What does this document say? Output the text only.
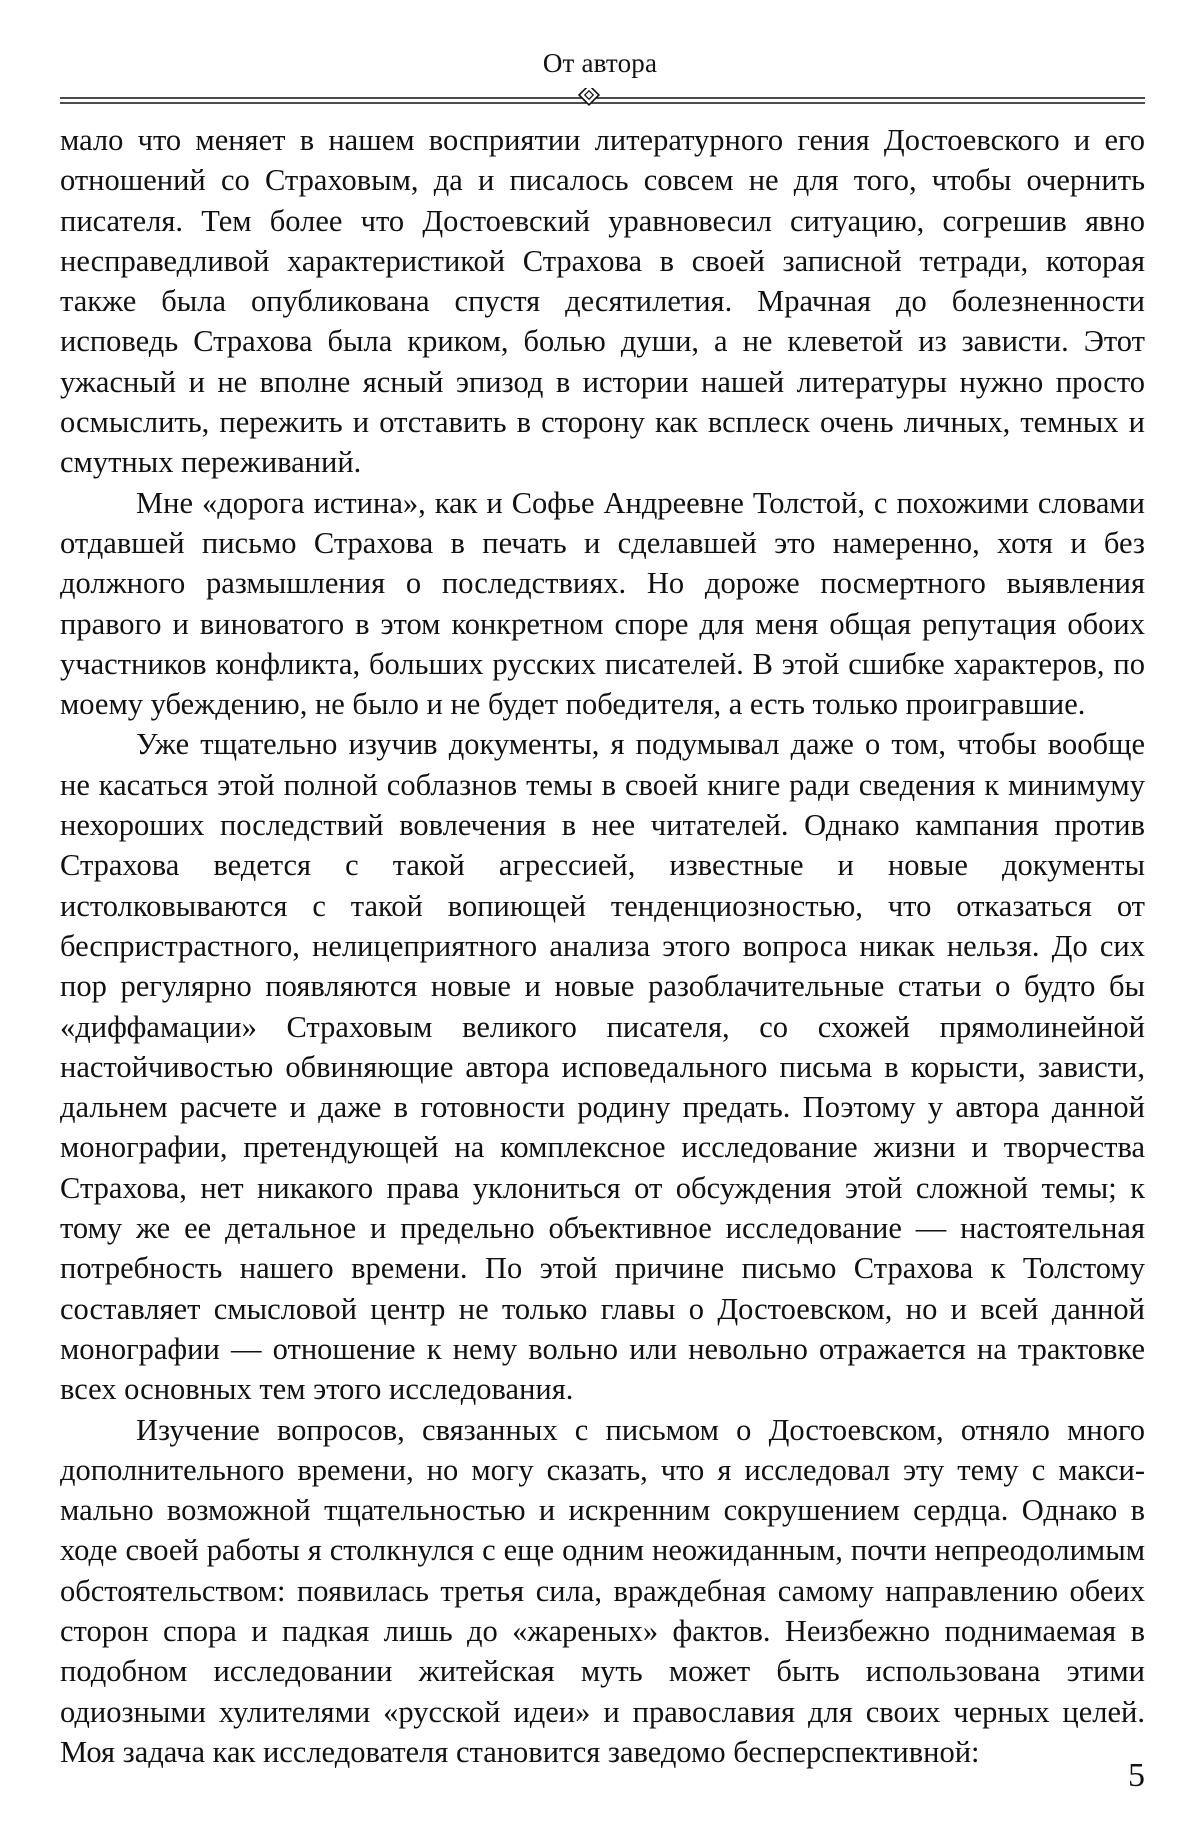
От автора

мало что меняет в нашем восприятии литературного гения Достоевского и его отношений со Страховым, да и писалось совсем не для того, чтобы очернить писателя. Тем более что Достоевский уравновесил ситуацию, согрешив явно несправедливой характеристикой Страхова в своей записной тетради, которая также была опубликована спустя десятилетия. Мрачная до болезненности исповедь Страхова была криком, болью души, а не клеветой из зависти. Этот ужасный и не вполне ясный эпизод в истории нашей литературы нужно просто осмыслить, пережить и отставить в сторону как всплеск очень личных, темных и смутных переживаний.

Мне «дорога истина», как и Софье Андреевне Толстой, с похожими словами отдавшей письмо Страхова в печать и сделавшей это намеренно, хотя и без должного размышления о последствиях. Но дороже посмертного выявления правого и виноватого в этом конкретном споре для меня общая репутация обоих участников конфликта, больших русских писателей. В этой сшибке характеров, по моему убеждению, не было и не будет победителя, а есть только проигравшие.

Уже тщательно изучив документы, я подумывал даже о том, чтобы вообще не касаться этой полной соблазнов темы в своей книге ради сведения к минимуму нехороших последствий вовлечения в нее читателей. Однако кампания против Страхова ведется с такой агрессией, известные и новые документы истолковываются с такой вопиющей тенденциозностью, что отказаться от беспристрастного, нелицеприятного анализа этого вопроса никак нельзя. До сих пор регулярно появляются новые и новые разоблачительные статьи о будто бы «диффамации» Страховым великого писателя, со схожей прямолинейной настойчивостью обвиняющие автора исповедального письма в корысти, зависти, дальнем расчете и даже в готовности родину предать. Поэтому у автора данной монографии, претендующей на комплексное исследование жизни и творчества Страхова, нет никакого права уклониться от обсуждения этой сложной темы; к тому же ее детальное и предельно объективное исследование — настоятельная потребность нашего времени. По этой причине письмо Страхова к Толстому составляет смысловой центр не только главы о Достоевском, но и всей данной монографии — отношение к нему вольно или невольно отражается на трактовке всех основных тем этого исследования.

Изучение вопросов, связанных с письмом о Достоевском, отняло много дополнительного времени, но могу сказать, что я исследовал эту тему с максимально возможной тщательностью и искренним сокрушением сердца. Однако в ходе своей работы я столкнулся с еще одним неожиданным, почти непреодолимым обстоятельством: появилась третья сила, враждебная самому направлению обеих сторон спора и падкая лишь до «жареных» фактов. Неизбежно поднимаемая в подобном исследовании житейская муть может быть использована этими одиозными хулителями «русской идеи» и православия для своих черных целей. Моя задача как исследователя становится заведомо бесперспективной:

5
